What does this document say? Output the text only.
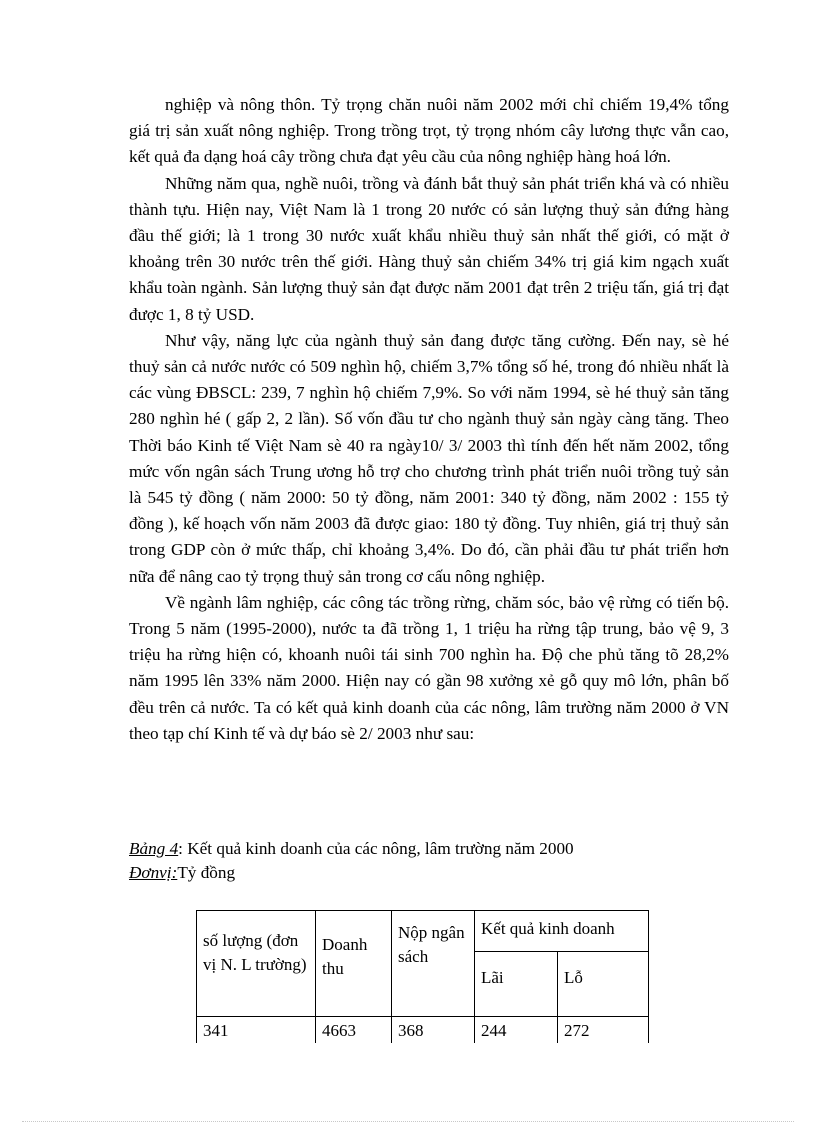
nghiệp và nông thôn. Tỷ trọng chăn nuôi năm 2002 mới chỉ chiếm 19,4% tổng giá trị sản xuất nông nghiệp. Trong trồng trọt, tỷ trọng nhóm cây lương thực vẫn cao, kết quả đa dạng hoá cây trồng chưa đạt yêu cầu của nông nghiệp hàng hoá lớn.

Những năm qua, nghề nuôi, trồng và đánh bắt thuỷ sản phát triển khá và có nhiều thành tựu. Hiện nay, Việt Nam là 1 trong 20 nước có sản lượng thuỷ sản đứng hàng đầu thế giới; là 1 trong 30 nước xuất khẩu nhiều thuỷ sản nhất thế giới, có mặt ở khoảng trên 30 nước trên thế giới. Hàng thuỷ sản chiếm 34% trị giá kim ngạch xuất khẩu toàn ngành. Sản lượng thuỷ sản đạt được năm 2001 đạt trên 2 triệu tấn, giá trị đạt được 1, 8 tỷ USD.

Như vậy, năng lực của ngành thuỷ sản đang được tăng cường. Đến nay, sè hé thuỷ sản cả nước nước có 509 nghìn hộ, chiếm 3,7% tổng số hé, trong đó nhiều nhất là các vùng ĐBSCL: 239, 7 nghìn hộ chiếm 7,9%. So với năm 1994, sè hé thuỷ sản tăng 280 nghìn hé ( gấp 2, 2 lần). Số vốn đầu tư cho ngành thuỷ sản ngày càng tăng. Theo Thời báo Kinh tế Việt Nam sè 40 ra ngày10/ 3/ 2003 thì tính đến hết năm 2002, tổng mức vốn ngân sách Trung ương hỗ trợ cho chương trình phát triển nuôi trồng tuỷ sản là 545 tỷ đồng ( năm 2000: 50 tỷ đồng, năm 2001: 340 tỷ đồng, năm 2002 : 155 tỷ đồng ), kế hoạch vốn năm 2003 đã được giao: 180 tỷ đồng. Tuy nhiên, giá trị thuỷ sản trong GDP còn ở mức thấp, chỉ khoảng 3,4%. Do đó, cần phải đầu tư phát triển hơn nữa để nâng cao tỷ trọng thuỷ sản trong cơ cấu nông nghiệp.

Về ngành lâm nghiệp, các công tác trồng rừng, chăm sóc, bảo vệ rừng có tiến bộ. Trong 5 năm (1995-2000), nước ta đã trồng 1, 1 triệu ha rừng tập trung, bảo vệ 9, 3 triệu ha rừng hiện có, khoanh nuôi tái sinh 700 nghìn ha. Độ che phủ tăng tõ 28,2% năm 1995 lên 33% năm 2000. Hiện nay có gần 98 xưởng xẻ gỗ quy mô lớn, phân bố đều trên cả nước. Ta có kết quả kinh doanh của các nông, lâm trường năm 2000 ở VN theo tạp chí Kinh tế và dự báo sè 2/ 2003 như sau:

Bảng 4: Kết quả kinh doanh của các nông, lâm trường năm 2000
Đơnvị:Tỷ đồng
số lượng (đơn vị N. L trường)	Doanh thu	Nộp ngân sách	Kết quả kinh doanh	
			Lãi	Lỗ
341	4663	368	244	272
